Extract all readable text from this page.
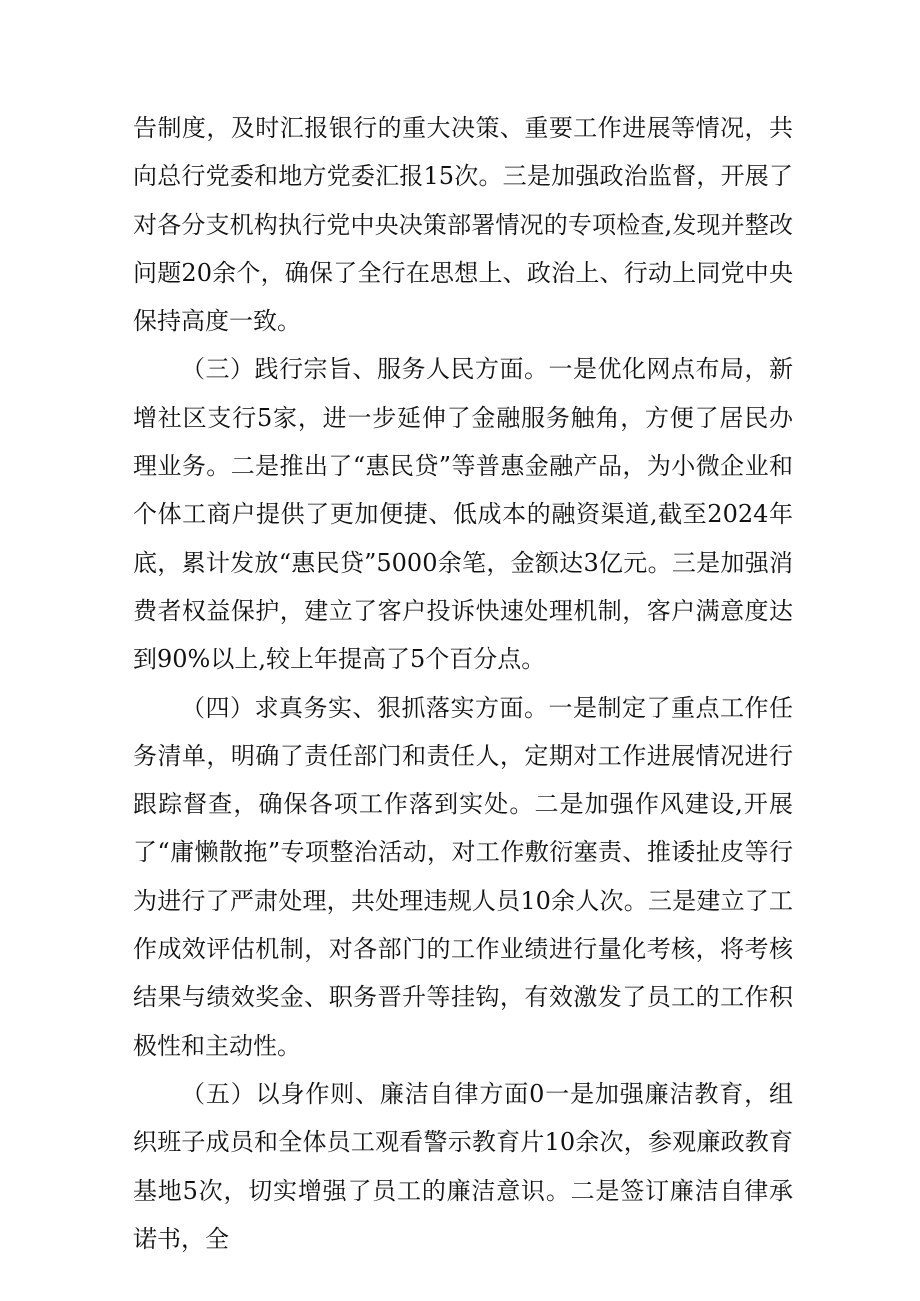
告制度，及时汇报银行的重大决策、重要工作进展等情况，共向总行党委和地方党委汇报15次。三是加强政治监督，开展了对各分支机构执行党中央决策部署情况的专项检查,发现并整改问题20余个，确保了全行在思想上、政治上、行动上同党中央保持高度一致。

（三）践行宗旨、服务人民方面。一是优化网点布局，新增社区支行5家，进一步延伸了金融服务触角，方便了居民办理业务。二是推出了“惠民贷”等普惠金融产品，为小微企业和个体工商户提供了更加便捷、低成本的融资渠道,截至2024年底，累计发放“惠民贷”5000余笔，金额达3亿元。三是加强消费者权益保护，建立了客户投诉快速处理机制，客户满意度达到90%以上,较上年提高了5个百分点。

（四）求真务实、狠抓落实方面。一是制定了重点工作任务清单，明确了责任部门和责任人，定期对工作进展情况进行跟踪督查，确保各项工作落到实处。二是加强作风建设,开展了“庸懒散拖”专项整治活动，对工作敷衍塞责、推诿扯皮等行为进行了严肃处理，共处理违规人员10余人次。三是建立了工作成效评估机制，对各部门的工作业绩进行量化考核，将考核结果与绩效奖金、职务晋升等挂钩，有效激发了员工的工作积极性和主动性。

（五）以身作则、廉洁自律方面0一是加强廉洁教育，组织班子成员和全体员工观看警示教育片10余次，参观廉政教育基地5次，切实增强了员工的廉洁意识。二是签订廉洁自律承诺书，全
